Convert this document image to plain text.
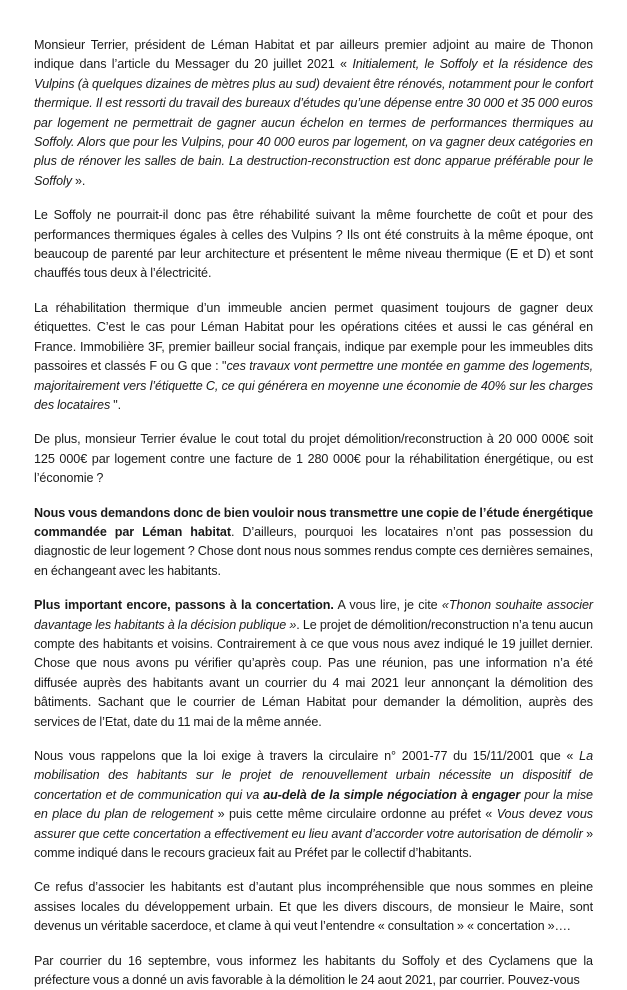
Monsieur Terrier, président de Léman Habitat et par ailleurs premier adjoint au maire de Thonon indique dans l’article du Messager du 20 juillet 2021 « Initialement, le Soffoly et la résidence des Vulpins (à quelques dizaines de mètres plus au sud) devaient être rénovés, notamment pour le confort thermique. Il est ressorti du travail des bureaux d’études qu’une dépense entre 30 000 et 35 000 euros par logement ne permettrait de gagner aucun échelon en termes de performances thermiques au Soffoly. Alors que pour les Vulpins, pour 40 000 euros par logement, on va gagner deux catégories en plus de rénover les salles de bain. La destruction-reconstruction est donc apparue préférable pour le Soffoly ».

Le Soffoly ne pourrait-il donc pas être réhabilité suivant la même fourchette de coût et pour des performances thermiques égales à celles des Vulpins ? Ils ont été construits à la même époque, ont beaucoup de parenté par leur architecture et présentent le même niveau thermique (E et D) et sont chauffés tous deux à l’électricité.

La réhabilitation thermique d’un immeuble ancien permet quasiment toujours de gagner deux étiquettes. C’est le cas pour Léman Habitat pour les opérations citées et aussi le cas général en France. Immobilière 3F, premier bailleur social français, indique par exemple pour les immeubles dits passoires et classés F ou G que : "ces travaux vont permettre une montée en gamme des logements, majoritairement vers l’étiquette C, ce qui générera en moyenne une économie de 40% sur les charges des locataires ".

De plus, monsieur Terrier évalue le cout total du projet démolition/reconstruction à 20 000 000€ soit 125 000€ par logement contre une facture de 1 280 000€ pour la réhabilitation énergétique, ou est l’économie ?

Nous vous demandons donc de bien vouloir nous transmettre une copie de l’étude énergétique commandée par Léman habitat. D’ailleurs, pourquoi les locataires n’ont pas possession du diagnostic de leur logement ? Chose dont nous nous sommes rendus compte ces dernières semaines, en échangeant avec les habitants.

Plus important encore, passons à la concertation. A vous lire, je cite «Thonon souhaite associer davantage les habitants à la décision publique ». Le projet de démolition/reconstruction n’a tenu aucun compte des habitants et voisins. Contrairement à ce que vous nous avez indiqué le 19 juillet dernier. Chose que nous avons pu vérifier qu’après coup. Pas une réunion, pas une information n’a été diffusée auprès des habitants avant un courrier du 4 mai 2021 leur annonçant la démolition des bâtiments. Sachant que le courrier de Léman Habitat pour demander la démolition, auprès des services de l’Etat, date du 11 mai de la même année.

Nous vous rappelons que la loi exige à travers la circulaire n° 2001-77 du 15/11/2001 que « La mobilisation des habitants sur le projet de renouvellement urbain nécessite un dispositif de concertation et de communication qui va au-delà de la simple négociation à engager pour la mise en place du plan de relogement » puis cette même circulaire ordonne au préfet « Vous devez vous assurer que cette concertation a effectivement eu lieu avant d’accorder votre autorisation de démolir » comme indiqué dans le recours gracieux fait au Préfet par le collectif d’habitants.

Ce refus d’associer les habitants est d’autant plus incompréhensible que nous sommes en pleine assises locales du développement urbain. Et que les divers discours, de monsieur le Maire, sont devenus un véritable sacerdoce, et clame à qui veut l’entendre « consultation » « concertation »….

Par courrier du 16 septembre, vous informez les habitants du Soffoly et des Cyclamens que la préfecture vous a donné un avis favorable à la démolition le 24 aout 2021, par courrier. Pouvez-vous
